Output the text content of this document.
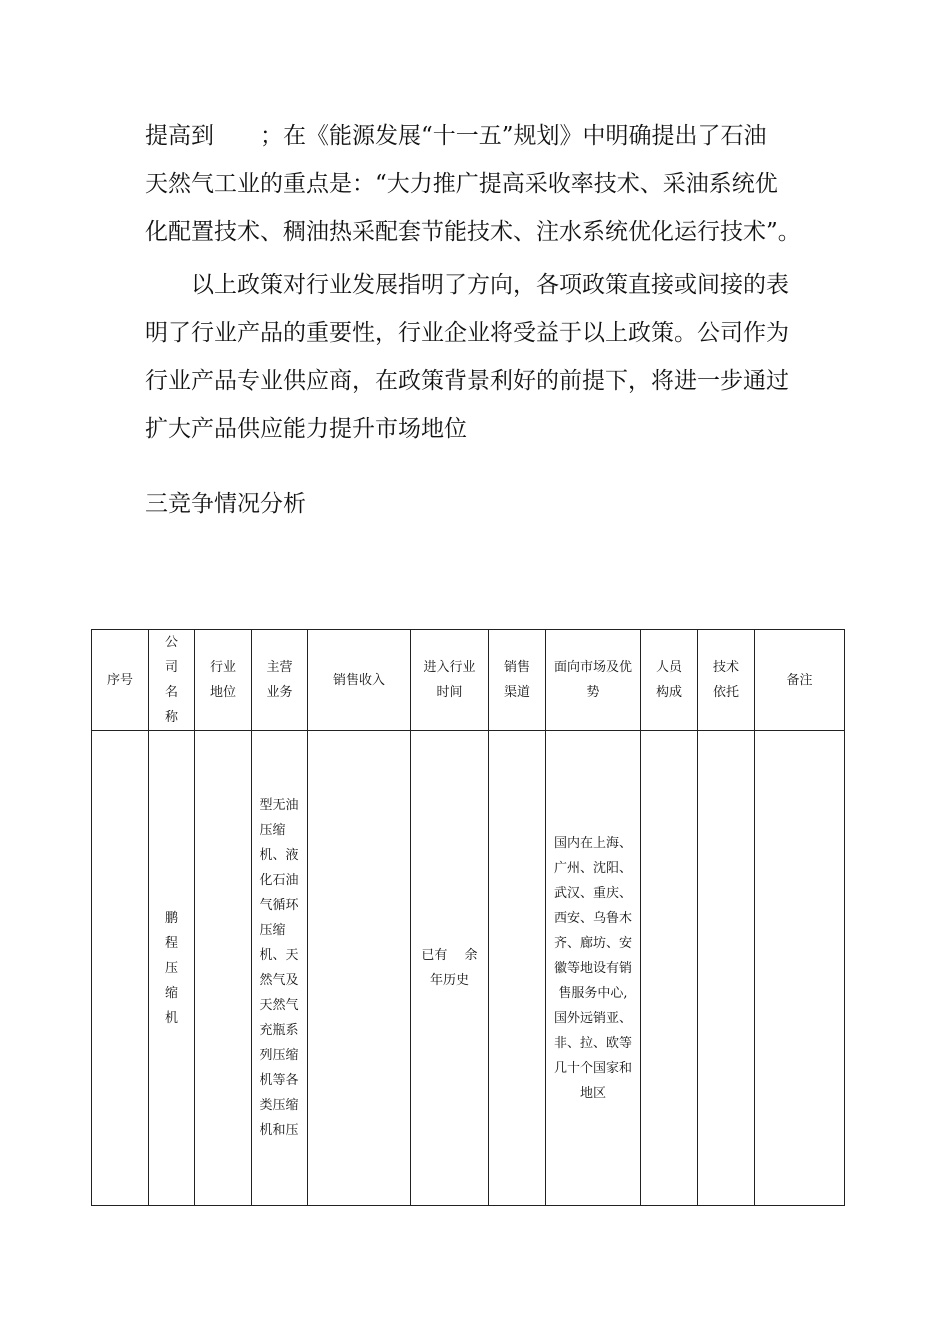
提高到　　；在《能源发展“十一五”规划》中明确提出了石油

天然气工业的重点是：“大力推广提高采收率技术、采油系统优

化配置技术、稠油热采配套节能技术、注水系统优化运行技术”。

以上政策对行业发展指明了方向，各项政策直接或间接的表

明了行业产品的重要性，行业企业将受益于以上政策。公司作为

行业产品专业供应商，在政策背景利好的前提下，将进一步通过

扩大产品供应能力提升市场地位

三竞争情况分析
序号	公司名称	行业地位	主营业务	销售收入	进入行业时间	销售渠道	面向市场及优势	人员构成	技术依托	备注
	鹏程压缩机		型无油压缩机、液化石油气循环压缩机、天然气及天然气充瓶系列压缩机等各类压缩机和压		已有　 余年历史		国内在上海、广州、沈阳、武汉、重庆、西安、乌鲁木齐、廊坊、安徽等地设有销售服务中心,国外远销亚、非、拉、欧等几十个国家和地区			
